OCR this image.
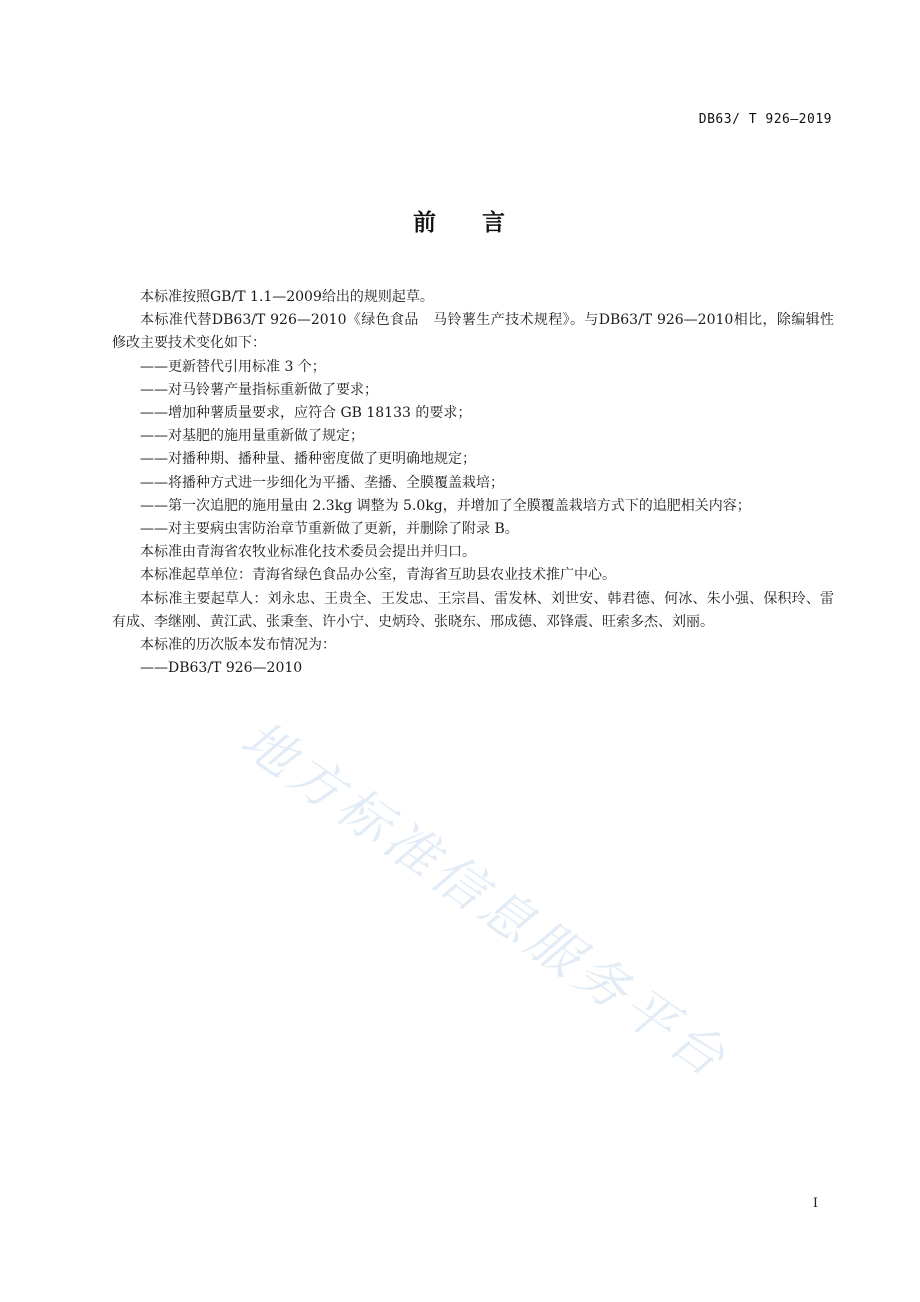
DB63/ T 926—2019
前 言

本标准按照GB/T 1.1—2009给出的规则起草。

本标准代替DB63/T 926—2010《绿色食品　马铃薯生产技术规程》。与DB63/T 926—2010相比，除编辑性修改主要技术变化如下：

——更新替代引用标准 3 个；

——对马铃薯产量指标重新做了要求；

——增加种薯质量要求，应符合 GB 18133 的要求；

——对基肥的施用量重新做了规定；

——对播种期、播种量、播种密度做了更明确地规定；

——将播种方式进一步细化为平播、垄播、全膜覆盖栽培；

——第一次追肥的施用量由 2.3kg 调整为 5.0kg，并增加了全膜覆盖栽培方式下的追肥相关内容；

——对主要病虫害防治章节重新做了更新，并删除了附录 B。

本标准由青海省农牧业标准化技术委员会提出并归口。

本标准起草单位：青海省绿色食品办公室，青海省互助县农业技术推广中心。

本标准主要起草人：刘永忠、王贵全、王发忠、王宗昌、雷发林、刘世安、韩君德、何冰、朱小强、保积玲、雷有成、李继刚、黄江武、张秉奎、许小宁、史炳玲、张晓东、邢成德、邓锋震、旺索多杰、刘丽。

本标准的历次版本发布情况为：

——DB63/T 926—2010

地方标准信息服务平台
I
